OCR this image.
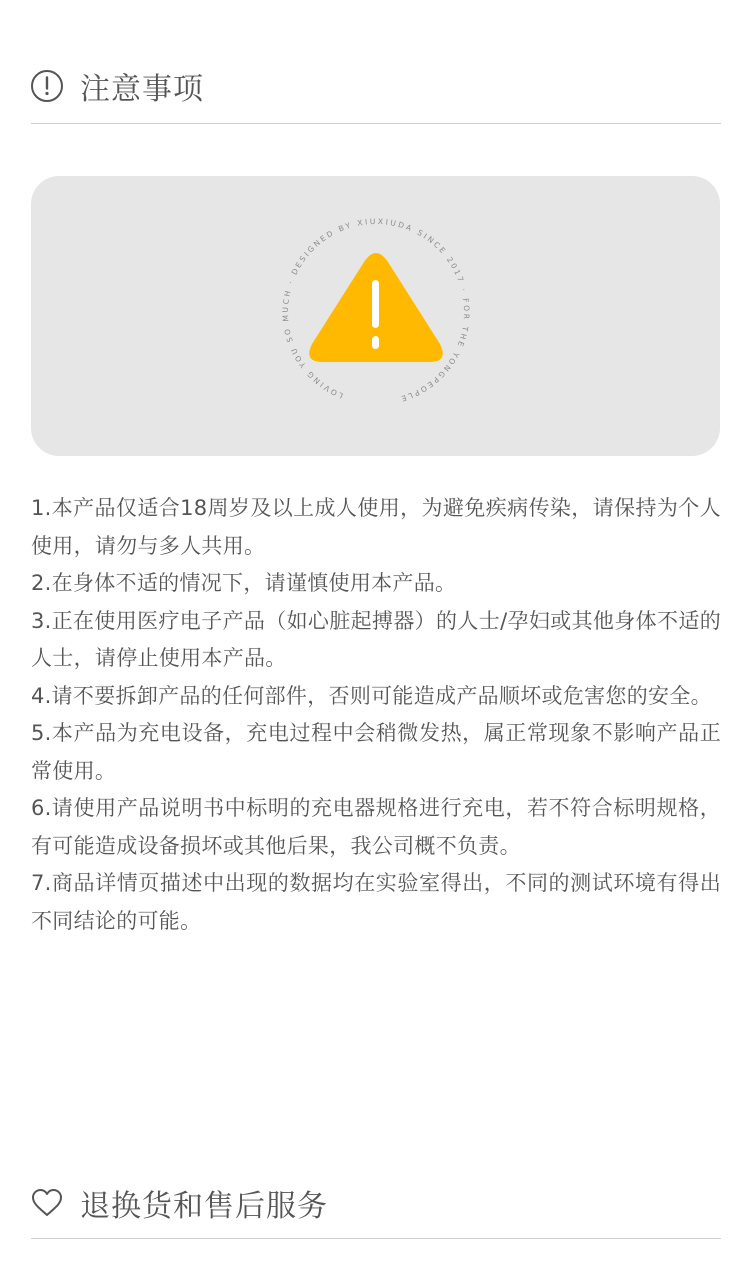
注意事项
LOVING YOU SO MUCH · DESIGNED BY XIUXIUDA SINCE 2017 · FOR THE YONGPEOPLE
1.本产品仅适合18周岁及以上成人使用，为避免疾病传染，请保持为个人使用，请勿与多人共用。
2.在身体不适的情况下，请谨慎使用本产品。
3.正在使用医疗电子产品（如心脏起搏器）的人士/孕妇或其他身体不适的人士，请停止使用本产品。
4.请不要拆卸产品的任何部件，否则可能造成产品顺坏或危害您的安全。
5.本产品为充电设备，充电过程中会稍微发热，属正常现象不影响产品正常使用。
6.请使用产品说明书中标明的充电器规格进行充电，若不符合标明规格，有可能造成设备损坏或其他后果，我公司概不负责。
7.商品详情页描述中出现的数据均在实验室得出，不同的测试环境有得出不同结论的可能。
退换货和售后服务
